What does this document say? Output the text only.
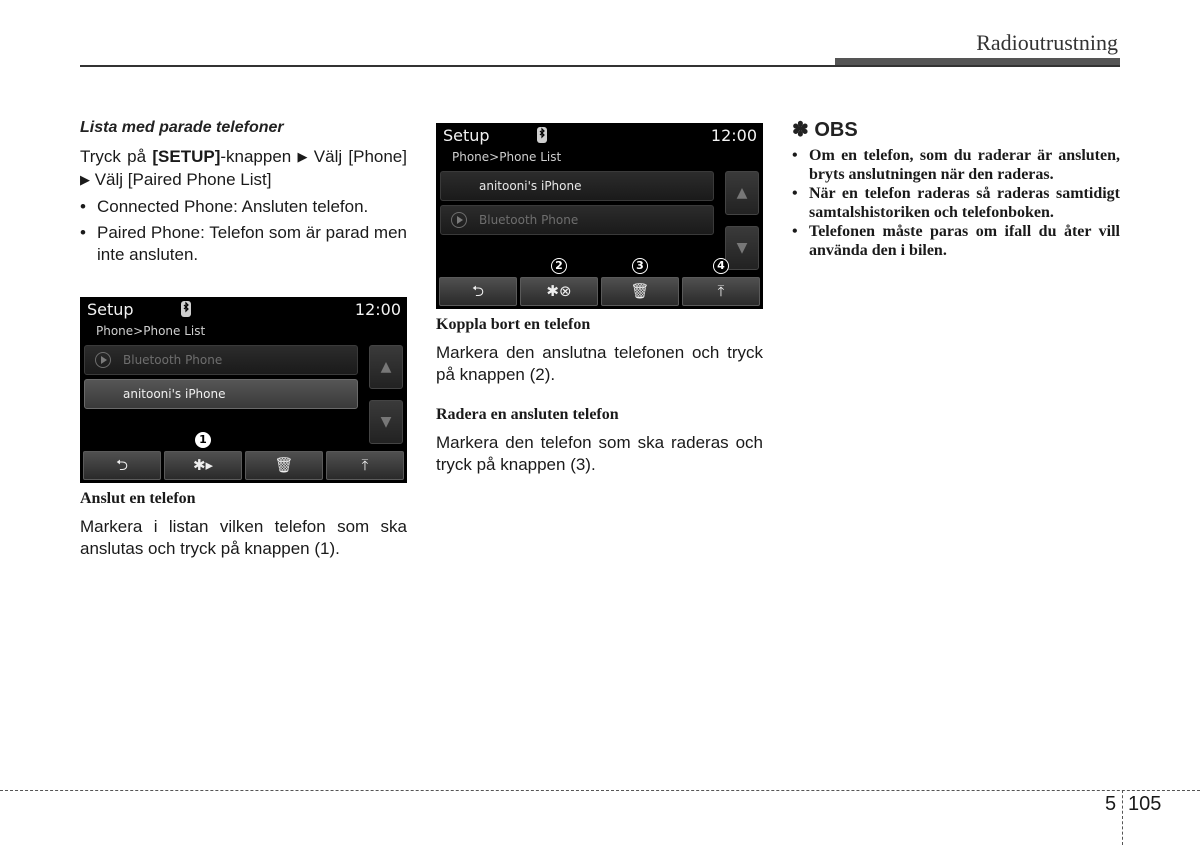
Radioutrustning
Lista med parade telefoner
Tryck på [SETUP]-knappen ▶ Välj [Phone] ▶ Välj [Paired Phone List]
• Connected Phone: Ansluten telefon.
• Paired Phone: Telefon som är parad men inte ansluten.
Setup	12:00
Phone>Phone List
Bluetooth Phone
anitooni's iPhone
▲
▼
⮌
1
✱▸	🗑	⤒
Anslut en telefon
Markera i listan vilken telefon som ska anslutas och tryck på knappen (1).
Setup	12:00
Phone>Phone List
anitooni's iPhone
Bluetooth Phone
▲
▼
⮌
2
✱⊗
3
🗑
4
⤒
Koppla bort en telefon
Markera den anslutna telefonen och tryck på knappen (2).
Radera en ansluten telefon
Markera den telefon som ska raderas och tryck på knappen (3).
✽ OBS
• Om en telefon, som du raderar är ansluten, bryts anslutningen när den raderas.
• När en telefon raderas så raderas samtidigt samtalshistoriken och telefonboken.
• Telefonen måste paras om ifall du åter vill använda den i bilen.
5 105
